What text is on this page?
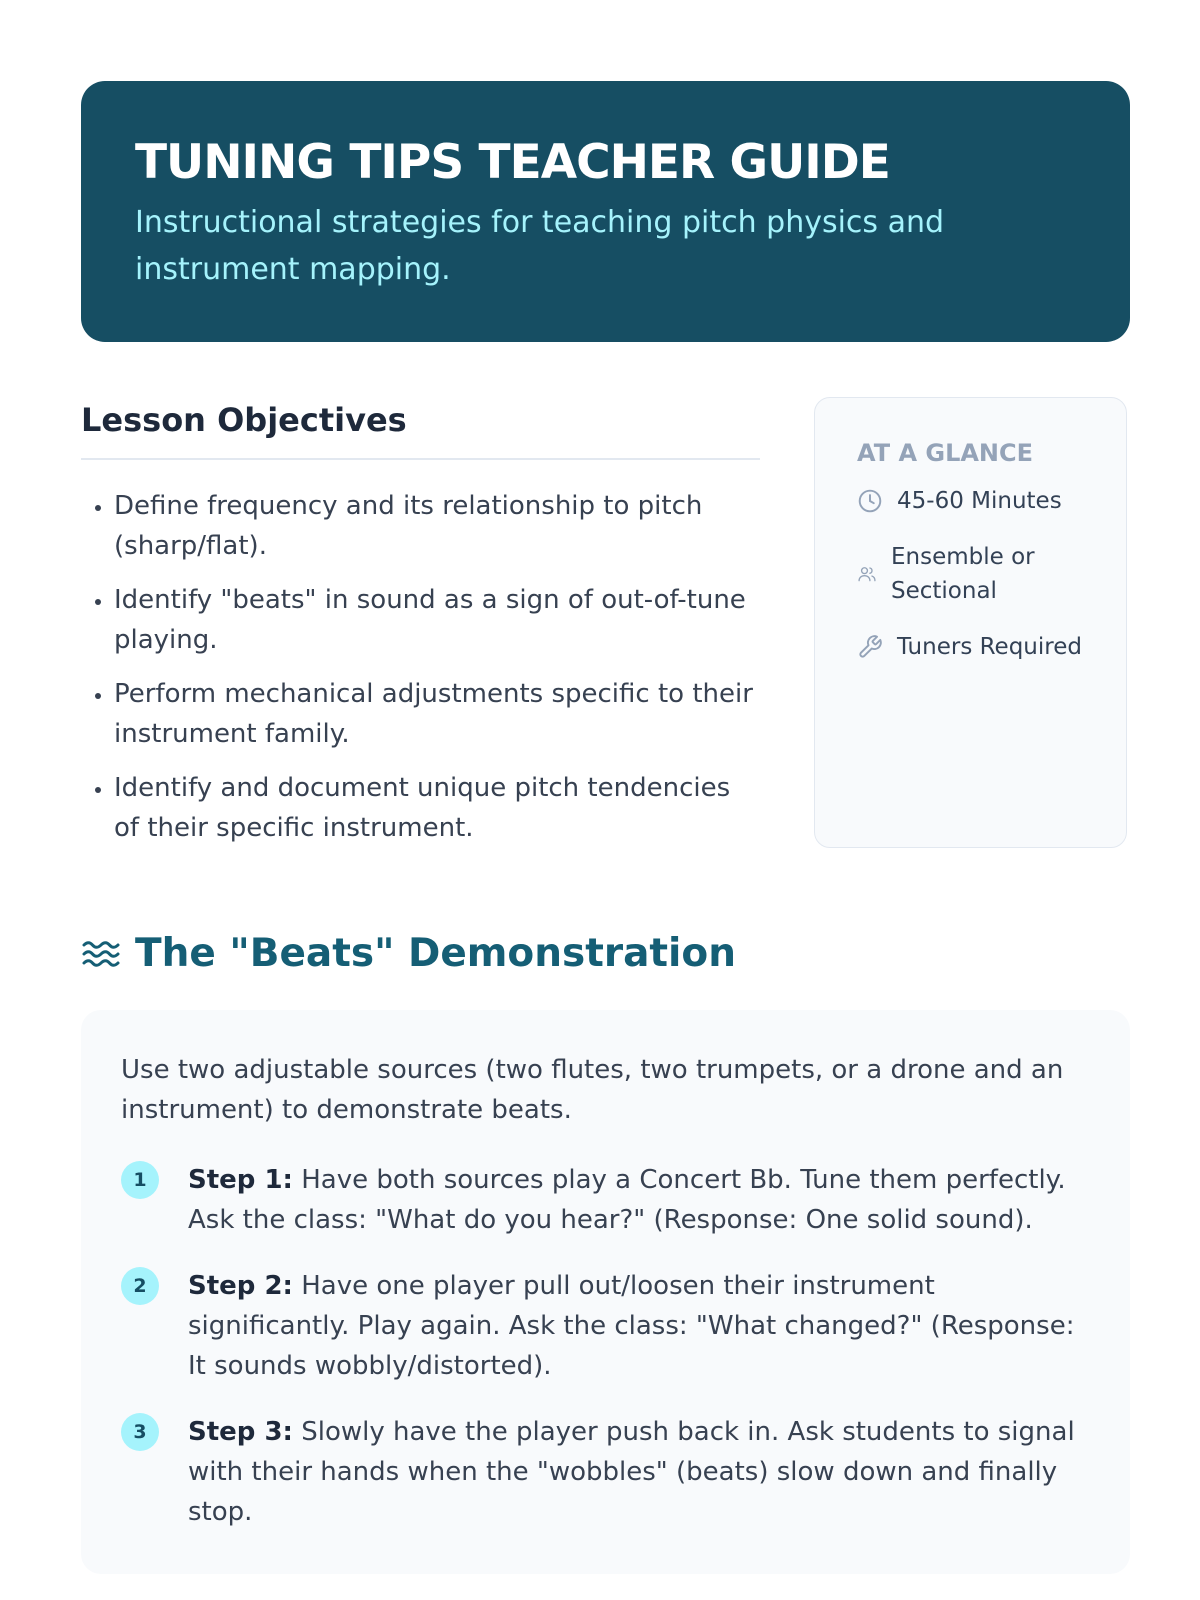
TUNING TIPS TEACHER GUIDE

Instructional strategies for teaching pitch physics and instrument mapping.

Lesson Objectives
• Define frequency and its relationship to pitch (sharp/flat).
• Identify "beats" in sound as a sign of out-of-tune playing.
• Perform mechanical adjustments specific to their instrument family.
• Identify and document unique pitch tendencies of their specific instrument.
AT A GLANCE
45-60 Minutes
Ensemble or Sectional
Tuners Required
The "Beats" Demonstration

Use two adjustable sources (two flutes, two trumpets, or a drone and an instrument) to demonstrate beats.

1	Step 1: Have both sources play a Concert Bb. Tune them perfectly. Ask the class: "What do you hear?" (Response: One solid sound).

2	Step 2: Have one player pull out/loosen their instrument significantly. Play again. Ask the class: "What changed?" (Response: It sounds wobbly/distorted).

3	Step 3: Slowly have the player push back in. Ask students to signal with their hands when the "wobbles" (beats) slow down and finally stop.
